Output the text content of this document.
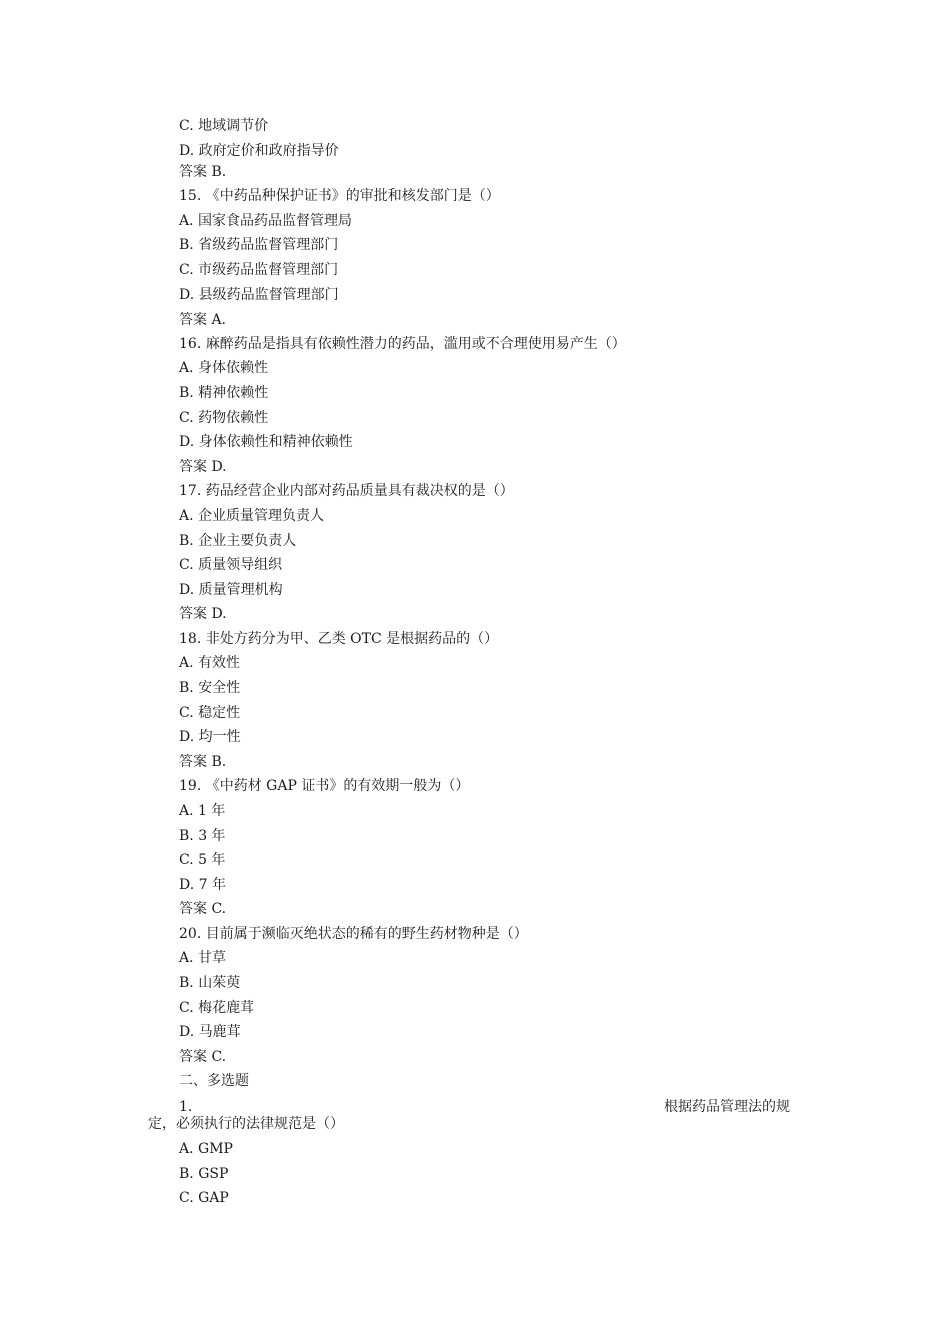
C. 地域调节价
D. 政府定价和政府指导价
答案 B.
15. 《中药品种保护证书》的审批和核发部门是（）
A. 国家食品药品监督管理局
B. 省级药品监督管理部门
C. 市级药品监督管理部门
D. 县级药品监督管理部门
答案 A.
16. 麻醉药品是指具有依赖性潜力的药品，滥用或不合理使用易产生（）
A. 身体依赖性
B. 精神依赖性
C. 药物依赖性
D. 身体依赖性和精神依赖性
答案 D.
17. 药品经营企业内部对药品质量具有裁决权的是（）
A. 企业质量管理负责人
B. 企业主要负责人
C. 质量领导组织
D. 质量管理机构
答案 D.
18. 非处方药分为甲、乙类 OTC 是根据药品的（）
A. 有效性
B. 安全性
C. 稳定性
D. 均一性
答案 B.
19. 《中药材 GAP 证书》的有效期一般为（）
A. 1 年
B. 3 年
C. 5 年
D. 7 年
答案 C.
20. 目前属于濒临灭绝状态的稀有的野生药材物种是（）
A. 甘草
B. 山茱萸
C. 梅花鹿茸
D. 马鹿茸
答案 C.
二、多选题
1.	根据药品管理法的规
定，必须执行的法律规范是（）
A. GMP
B. GSP
C. GAP
